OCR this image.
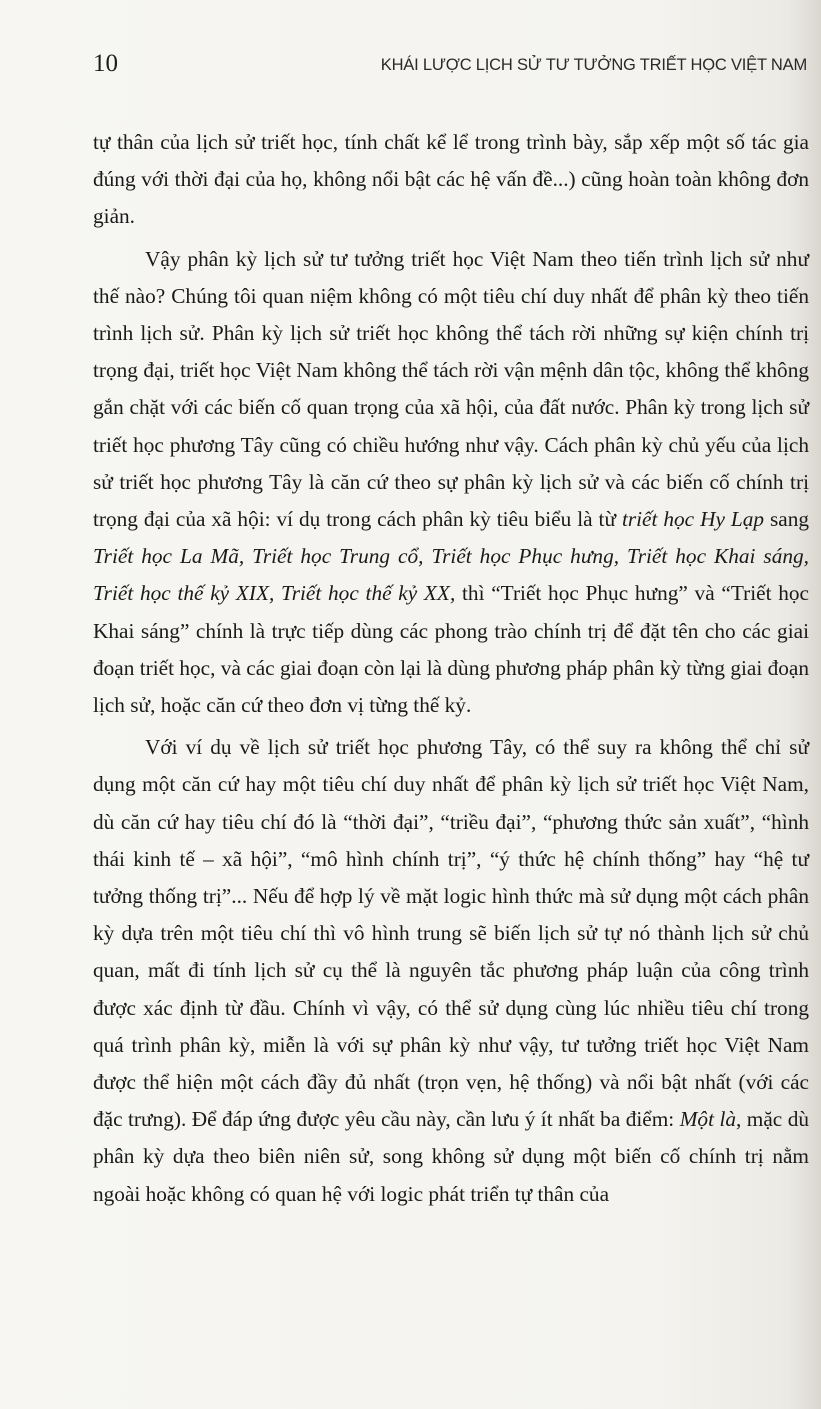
10	KHÁI LƯỢC LỊCH SỬ TƯ TƯỞNG TRIẾT HỌC VIỆT NAM

tự thân của lịch sử triết học, tính chất kể lể trong trình bày, sắp xếp một số tác gia đúng với thời đại của họ, không nổi bật các hệ vấn đề...) cũng hoàn toàn không đơn giản.

Vậy phân kỳ lịch sử tư tưởng triết học Việt Nam theo tiến trình lịch sử như thế nào? Chúng tôi quan niệm không có một tiêu chí duy nhất để phân kỳ theo tiến trình lịch sử. Phân kỳ lịch sử triết học không thể tách rời những sự kiện chính trị trọng đại, triết học Việt Nam không thể tách rời vận mệnh dân tộc, không thể không gắn chặt với các biến cố quan trọng của xã hội, của đất nước. Phân kỳ trong lịch sử triết học phương Tây cũng có chiều hướng như vậy. Cách phân kỳ chủ yếu của lịch sử triết học phương Tây là căn cứ theo sự phân kỳ lịch sử và các biến cố chính trị trọng đại của xã hội: ví dụ trong cách phân kỳ tiêu biểu là từ triết học Hy Lạp sang Triết học La Mã, Triết học Trung cổ, Triết học Phục hưng, Triết học Khai sáng, Triết học thế kỷ XIX, Triết học thế kỷ XX, thì “Triết học Phục hưng” và “Triết học Khai sáng” chính là trực tiếp dùng các phong trào chính trị để đặt tên cho các giai đoạn triết học, và các giai đoạn còn lại là dùng phương pháp phân kỳ từng giai đoạn lịch sử, hoặc căn cứ theo đơn vị từng thế kỷ.

Với ví dụ về lịch sử triết học phương Tây, có thể suy ra không thể chỉ sử dụng một căn cứ hay một tiêu chí duy nhất để phân kỳ lịch sử triết học Việt Nam, dù căn cứ hay tiêu chí đó là “thời đại”, “triều đại”, “phương thức sản xuất”, “hình thái kinh tế – xã hội”, “mô hình chính trị”, “ý thức hệ chính thống” hay “hệ tư tưởng thống trị”... Nếu để hợp lý về mặt logic hình thức mà sử dụng một cách phân kỳ dựa trên một tiêu chí thì vô hình trung sẽ biến lịch sử tự nó thành lịch sử chủ quan, mất đi tính lịch sử cụ thể là nguyên tắc phương pháp luận của công trình được xác định từ đầu. Chính vì vậy, có thể sử dụng cùng lúc nhiều tiêu chí trong quá trình phân kỳ, miễn là với sự phân kỳ như vậy, tư tưởng triết học Việt Nam được thể hiện một cách đầy đủ nhất (trọn vẹn, hệ thống) và nổi bật nhất (với các đặc trưng). Để đáp ứng được yêu cầu này, cần lưu ý ít nhất ba điểm: Một là, mặc dù phân kỳ dựa theo biên niên sử, song không sử dụng một biến cố chính trị nằm ngoài hoặc không có quan hệ với logic phát triển tự thân của
